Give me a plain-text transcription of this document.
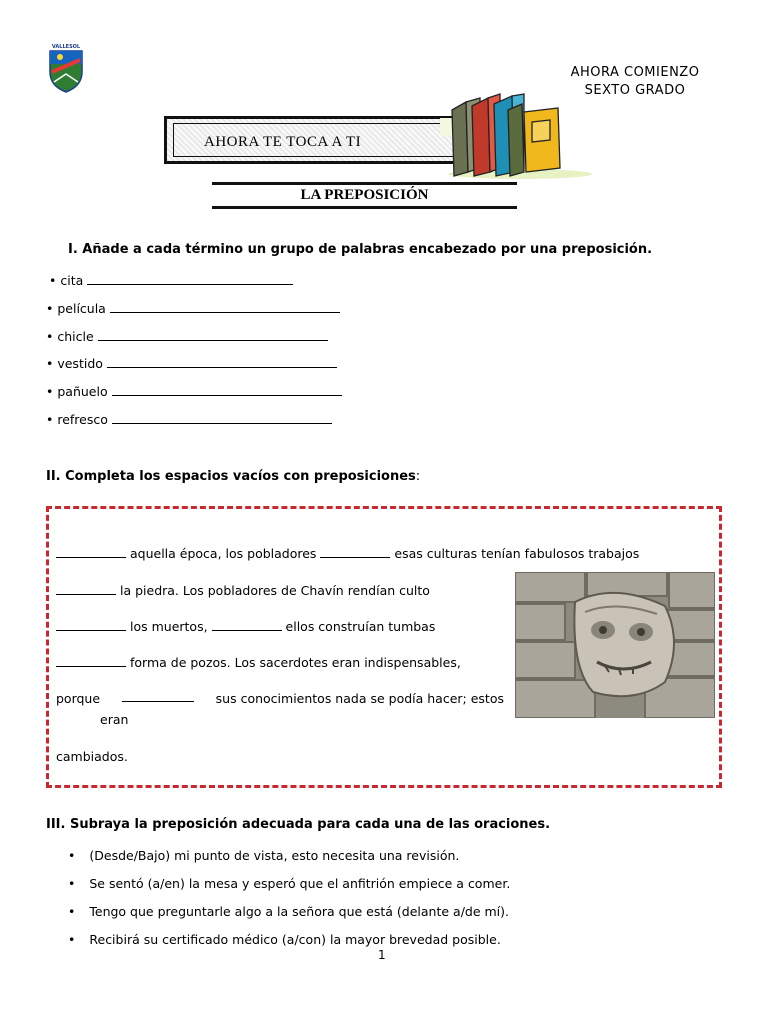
VALLESOL
AHORA COMIENZO
SEXTO GRADO
AHORA TE TOCA A TI
LA PREPOSICIÓN
I. Añade a cada término un grupo de palabras encabezado por una preposición.
• cita
• película
• chicle
• vestido
• pañuelo
• refresco
II. Completa los espacios vacíos con preposiciones:
aquella época, los pobladores	esas culturas tenían fabulosos trabajos
la piedra. Los pobladores de Chavín rendían culto
los muertos,	ellos construían tumbas
forma de pozos. Los sacerdotes eran indispensables,
porque	sus conocimientos nada se podía hacer; estos
eran
cambiados.
III. Subraya la preposición adecuada para cada una de las oraciones.
• (Desde/Bajo) mi punto de vista, esto necesita una revisión.
• Se sentó (a/en) la mesa y esperó que el anfitrión empiece a comer.
• Tengo que preguntarle algo a la señora que está (delante a/de mí).
• Recibirá su certificado médico (a/con) la mayor brevedad posible.
1
